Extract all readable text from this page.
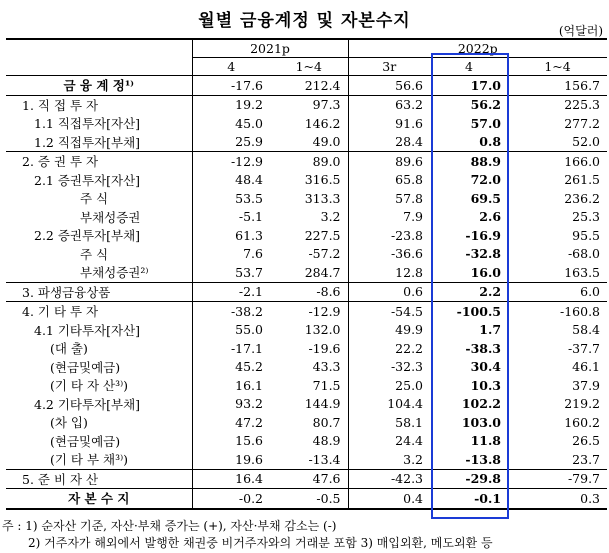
월별 금융계정 및 자본수지	(억달러)
	2021p		2022p		
	4	1~4	3r	4	1~4
금 융 계 정¹⁾	-17.6	212.4	56.6	17.0	156.7
1. 직 접 투 자	19.2	97.3	63.2	56.2	225.3
1.1 직접투자[자산]	45.0	146.2	91.6	57.0	277.2
1.2 직접투자[부채]	25.9	49.0	28.4	0.8	52.0
2. 증 권 투 자	-12.9	89.0	89.6	88.9	166.0
2.1 증권투자[자산]	48.4	316.5	65.8	72.0	261.5
주 식	53.5	313.3	57.8	69.5	236.2
부채성증권	-5.1	3.2	7.9	2.6	25.3
2.2 증권투자[부채]	61.3	227.5	-23.8	-16.9	95.5
주 식	7.6	-57.2	-36.6	-32.8	-68.0
부채성증권²⁾	53.7	284.7	12.8	16.0	163.5
3. 파생금융상품	-2.1	-8.6	0.6	2.2	6.0
4. 기 타 투 자	-38.2	-12.9	-54.5	-100.5	-160.8
4.1 기타투자[자산]	55.0	132.0	49.9	1.7	58.4
(대 출)	-17.1	-19.6	22.2	-38.3	-37.7
(현금및예금)	45.2	43.3	-32.3	30.4	46.1
(기 타 자 산³⁾)	16.1	71.5	25.0	10.3	37.9
4.2 기타투자[부채]	93.2	144.9	104.4	102.2	219.2
(차 입)	47.2	80.7	58.1	103.0	160.2
(현금및예금)	15.6	48.9	24.4	11.8	26.5
(기 타 부 채³⁾)	19.6	-13.4	3.2	-13.8	23.7
5. 준 비 자 산	16.4	47.6	-42.3	-29.8	-79.7
자 본 수 지	-0.2	-0.5	0.4	-0.1	0.3
주 : 1) 순자산 기준, 자산·부채 증가는 (+), 자산·부채 감소는 (-)
2) 거주자가 해외에서 발행한 채권중 비거주자와의 거래분 포함 3) 매입외환, 메도외환 등
